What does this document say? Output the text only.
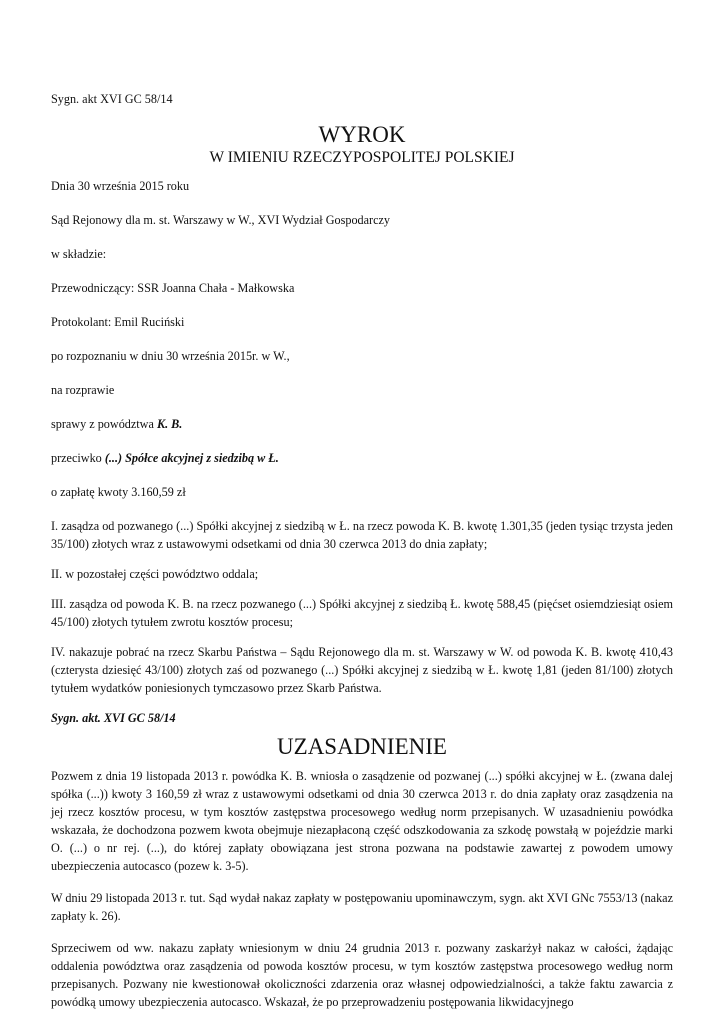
Sygn. akt XVI GC 58/14

WYROK

W IMIENIU RZECZYPOSPOLITEJ POLSKIEJ

Dnia 30 września 2015 roku

Sąd Rejonowy dla m. st. Warszawy w W., XVI Wydział Gospodarczy

w składzie:

Przewodniczący: SSR Joanna Chała - Małkowska

Protokolant: Emil Ruciński

po rozpoznaniu w dniu 30 września 2015r. w W.,

na rozprawie

sprawy z powództwa K. B.

przeciwko (...) Spółce akcyjnej z siedzibą w Ł.

o zapłatę kwoty 3.160,59 zł

I. zasądza od pozwanego (...) Spółki akcyjnej z siedzibą w Ł. na rzecz powoda K. B. kwotę 1.301,35 (jeden tysiąc trzysta jeden 35/100) złotych wraz z ustawowymi odsetkami od dnia 30 czerwca 2013 do dnia zapłaty;

II. w pozostałej części powództwo oddala;

III. zasądza od powoda K. B. na rzecz pozwanego (...) Spółki akcyjnej z siedzibą Ł. kwotę 588,45 (pięćset osiemdziesiąt osiem 45/100) złotych tytułem zwrotu kosztów procesu;

IV. nakazuje pobrać na rzecz Skarbu Państwa – Sądu Rejonowego dla m. st. Warszawy w W. od powoda K. B. kwotę 410,43 (czterysta dziesięć 43/100) złotych zaś od pozwanego (...) Spółki akcyjnej z siedzibą w Ł. kwotę 1,81 (jeden 81/100) złotych tytułem wydatków poniesionych tymczasowo przez Skarb Państwa.

Sygn. akt. XVI GC 58/14

UZASADNIENIE

Pozwem z dnia 19 listopada 2013 r. powódka K. B. wniosła o zasądzenie od pozwanej (...) spółki akcyjnej w Ł. (zwana dalej spółka (...)) kwoty 3 160,59 zł wraz z ustawowymi odsetkami od dnia 30 czerwca 2013 r. do dnia zapłaty oraz zasądzenia na jej rzecz kosztów procesu, w tym kosztów zastępstwa procesowego według norm przepisanych. W uzasadnieniu powódka wskazała, że dochodzona pozwem kwota obejmuje niezapłaconą część odszkodowania za szkodę powstałą w pojeździe marki O. (...) o nr rej. (...), do której zapłaty obowiązana jest strona pozwana na podstawie zawartej z powodem umowy ubezpieczenia autocasco (pozew k. 3-5).

W dniu 29 listopada 2013 r. tut. Sąd wydał nakaz zapłaty w postępowaniu upominawczym, sygn. akt XVI GNc 7553/13 (nakaz zapłaty k. 26).

Sprzeciwem od ww. nakazu zapłaty wniesionym w dniu 24 grudnia 2013 r. pozwany zaskarżył nakaz w całości, żądając oddalenia powództwa oraz zasądzenia od powoda kosztów procesu, w tym kosztów zastępstwa procesowego według norm przepisanych. Pozwany nie kwestionował okoliczności zdarzenia oraz własnej odpowiedzialności, a także faktu zawarcia z powódką umowy ubezpieczenia autocasco. Wskazał, że po przeprowadzeniu postępowania likwidacyjnego
